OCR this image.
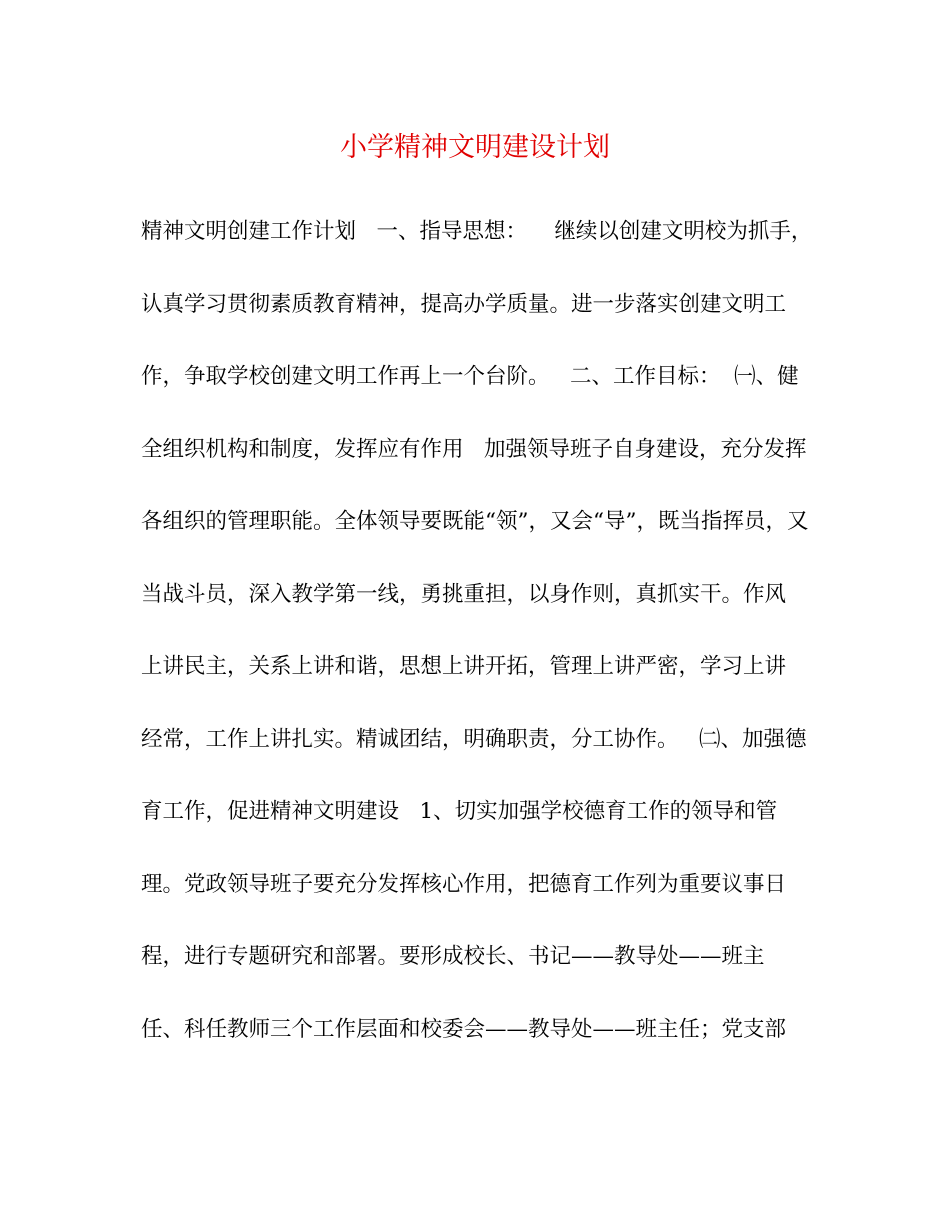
小学精神文明建设计划
精神文明创建工作计划   一、指导思想：    继续以创建文明校为抓手，
认真学习贯彻素质教育精神，提高办学质量。进一步落实创建文明工
作，争取学校创建文明工作再上一个台阶。   二、工作目标：  ㈠、健
全组织机构和制度，发挥应有作用   加强领导班子自身建设，充分发挥
各组织的管理职能。全体领导要既能“领”，又会“导”，既当指挥员，又
当战斗员，深入教学第一线，勇挑重担，以身作则，真抓实干。作风
上讲民主，关系上讲和谐，思想上讲开拓，管理上讲严密，学习上讲
经常，工作上讲扎实。精诚团结，明确职责，分工协作。   ㈡、加强德
育工作，促进精神文明建设   1、切实加强学校德育工作的领导和管
理。党政领导班子要充分发挥核心作用，把德育工作列为重要议事日
程，进行专题研究和部署。要形成校长、书记——教导处——班主
任、科任教师三个工作层面和校委会——教导处——班主任；党支部
